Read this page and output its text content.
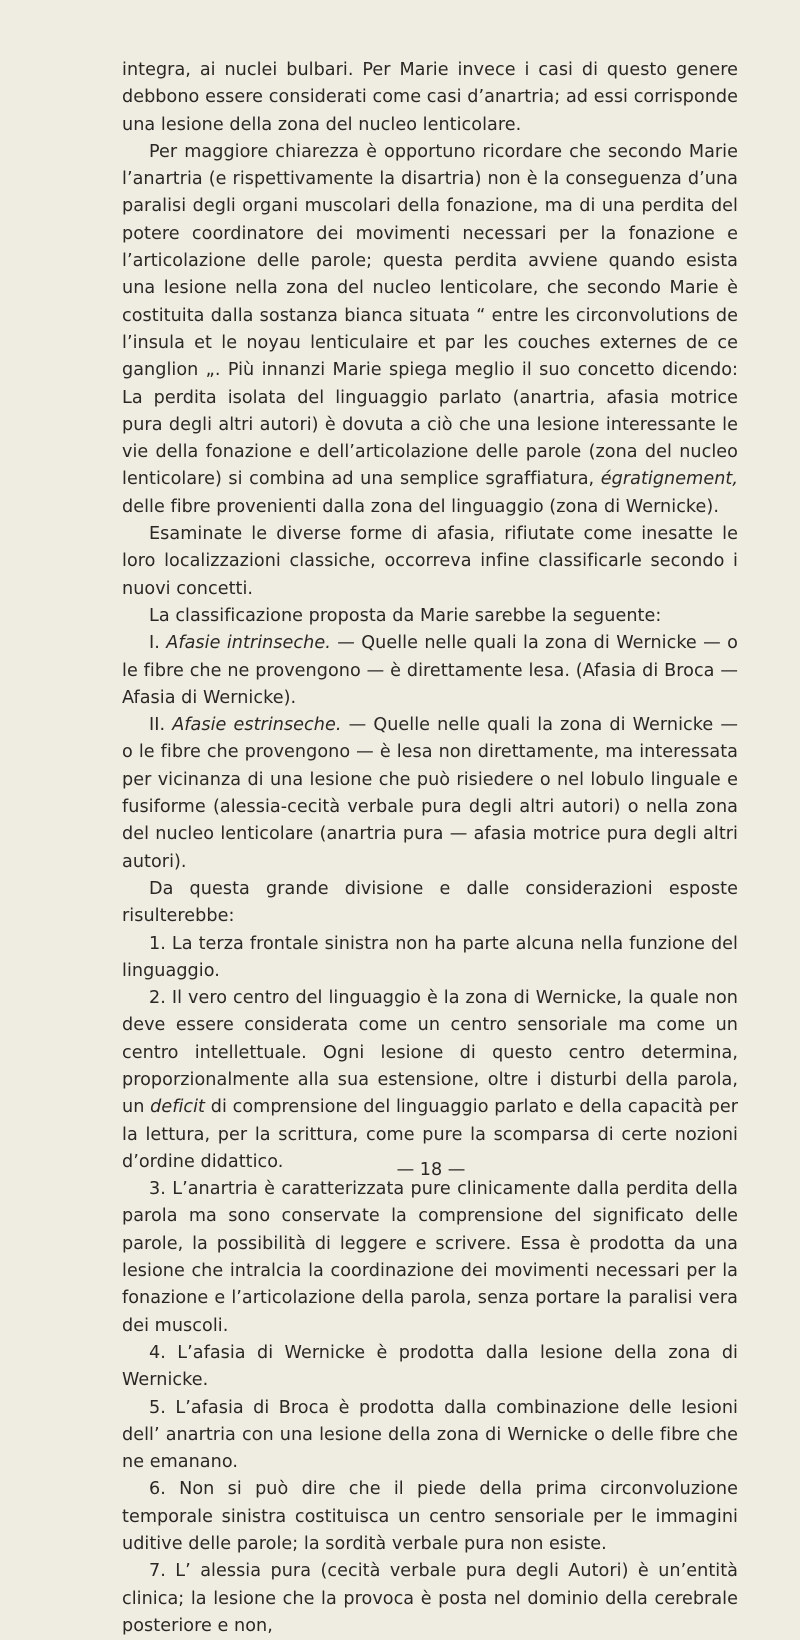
integra, ai nuclei bulbari. Per Marie invece i casi di questo genere debbono essere considerati come casi d’anartria; ad essi corrisponde una lesione della zona del nucleo lenticolare.

Per maggiore chiarezza è opportuno ricordare che secondo Marie l’anartria (e rispettivamente la disartria) non è la conseguenza d’una paralisi degli organi muscolari della fonazione, ma di una perdita del potere coordinatore dei movimenti necessari per la fonazione e l’articolazione delle parole; questa perdita avviene quando esista una lesione nella zona del nucleo lenticolare, che secondo Marie è costituita dalla sostanza bianca situata “ entre les circonvolutions de l’insula et le noyau lenticulaire et par les couches externes de ce ganglion „. Più innanzi Marie spiega meglio il suo concetto dicendo: La perdita isolata del linguaggio parlato (anartria, afasia motrice pura degli altri autori) è dovuta a ciò che una lesione interessante le vie della fonazione e dell’articolazione delle parole (zona del nucleo lenticolare) si combina ad una semplice sgraffiatura, égratignement, delle fibre provenienti dalla zona del linguaggio (zona di Wernicke).

Esaminate le diverse forme di afasia, rifiutate come inesatte le loro localizzazioni classiche, occorreva infine classificarle secondo i nuovi concetti.

La classificazione proposta da Marie sarebbe la seguente:

I. Afasie intrinseche. — Quelle nelle quali la zona di Wernicke — o le fibre che ne provengono — è direttamente lesa. (Afasia di Broca — Afasia di Wernicke).

II. Afasie estrinseche. — Quelle nelle quali la zona di Wernicke — o le fibre che provengono — è lesa non direttamente, ma interessata per vicinanza di una lesione che può risiedere o nel lobulo linguale e fusiforme (alessia-cecità verbale pura degli altri autori) o nella zona del nucleo lenticolare (anartria pura — afasia motrice pura degli altri autori).

Da questa grande divisione e dalle considerazioni esposte risulterebbe:

1. La terza frontale sinistra non ha parte alcuna nella funzione del linguaggio.

2. Il vero centro del linguaggio è la zona di Wernicke, la quale non deve essere considerata come un centro sensoriale ma come un centro intellettuale. Ogni lesione di questo centro determina, proporzionalmente alla sua estensione, oltre i disturbi della parola, un deficit di comprensione del linguaggio parlato e della capacità per la lettura, per la scrittura, come pure la scomparsa di certe nozioni d’ordine didattico.

3. L’anartria è caratterizzata pure clinicamente dalla perdita della parola ma sono conservate la comprensione del significato delle parole, la possibilità di leggere e scrivere. Essa è prodotta da una lesione che intralcia la coordinazione dei movimenti necessari per la fonazione e l’articolazione della parola, senza portare la paralisi vera dei muscoli.

4. L’afasia di Wernicke è prodotta dalla lesione della zona di Wernicke.

5. L’afasia di Broca è prodotta dalla combinazione delle lesioni dell’ anartria con una lesione della zona di Wernicke o delle fibre che ne emanano.

6. Non si può dire che il piede della prima circonvoluzione temporale sinistra costituisca un centro sensoriale per le immagini uditive delle parole; la sordità verbale pura non esiste.

7. L’ alessia pura (cecità verbale pura degli Autori) è un’entità clinica; la lesione che la provoca è posta nel dominio della cerebrale posteriore e non,

— 18 —
